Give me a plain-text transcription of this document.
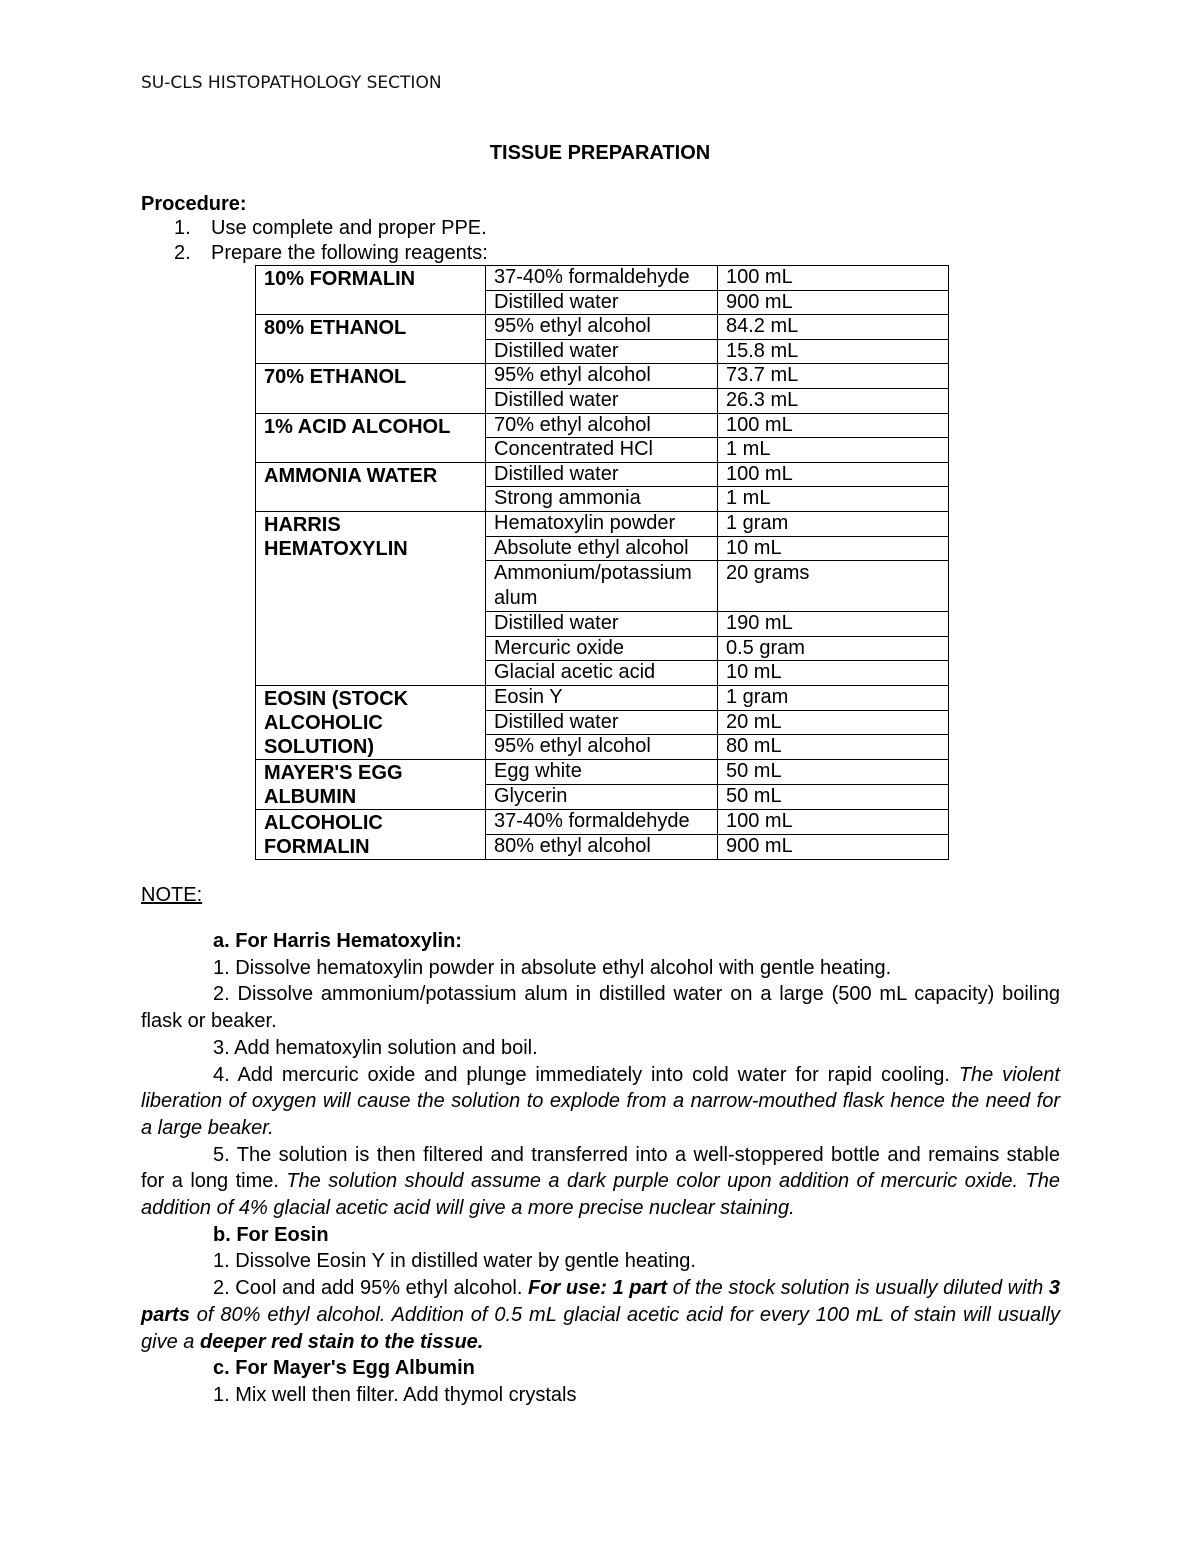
SU-CLS HISTOPATHOLOGY SECTION
TISSUE PREPARATION
Procedure:
1. Use complete and proper PPE.
2. Prepare the following reagents:
10% FORMALIN	37-40% formaldehyde	100 mL
	Distilled water	900 mL
80% ETHANOL	95% ethyl alcohol	84.2 mL
	Distilled water	15.8 mL
70% ETHANOL	95% ethyl alcohol	73.7 mL
	Distilled water	26.3 mL
1% ACID ALCOHOL	70% ethyl alcohol	100 mL
	Concentrated HCl	1 mL
AMMONIA WATER	Distilled water	100 mL
	Strong ammonia	1 mL
HARRIS HEMATOXYLIN	Hematoxylin powder	1 gram
	Absolute ethyl alcohol	10 mL
	Ammonium/potassium alum	20 grams
	Distilled water	190 mL
	Mercuric oxide	0.5 gram
	Glacial acetic acid	10 mL
EOSIN (STOCK ALCOHOLIC SOLUTION)	Eosin Y	1 gram
	Distilled water	20 mL
	95% ethyl alcohol	80 mL
MAYER'S EGG ALBUMIN	Egg white	50 mL
	Glycerin	50 mL
ALCOHOLIC FORMALIN	37-40% formaldehyde	100 mL
	80% ethyl alcohol	900 mL
NOTE:

a. For Harris Hematoxylin:

1. Dissolve hematoxylin powder in absolute ethyl alcohol with gentle heating.

2. Dissolve ammonium/potassium alum in distilled water on a large (500 mL capacity) boiling flask or beaker.

3. Add hematoxylin solution and boil.

4. Add mercuric oxide and plunge immediately into cold water for rapid cooling. The violent liberation of oxygen will cause the solution to explode from a narrow-mouthed flask hence the need for a large beaker.

5. The solution is then filtered and transferred into a well-stoppered bottle and remains stable for a long time. The solution should assume a dark purple color upon addition of mercuric oxide. The addition of 4% glacial acetic acid will give a more precise nuclear staining.

b. For Eosin

1. Dissolve Eosin Y in distilled water by gentle heating.

2. Cool and add 95% ethyl alcohol. For use: 1 part of the stock solution is usually diluted with 3 parts of 80% ethyl alcohol. Addition of 0.5 mL glacial acetic acid for every 100 mL of stain will usually give a deeper red stain to the tissue.

c. For Mayer's Egg Albumin

1. Mix well then filter. Add thymol crystals
